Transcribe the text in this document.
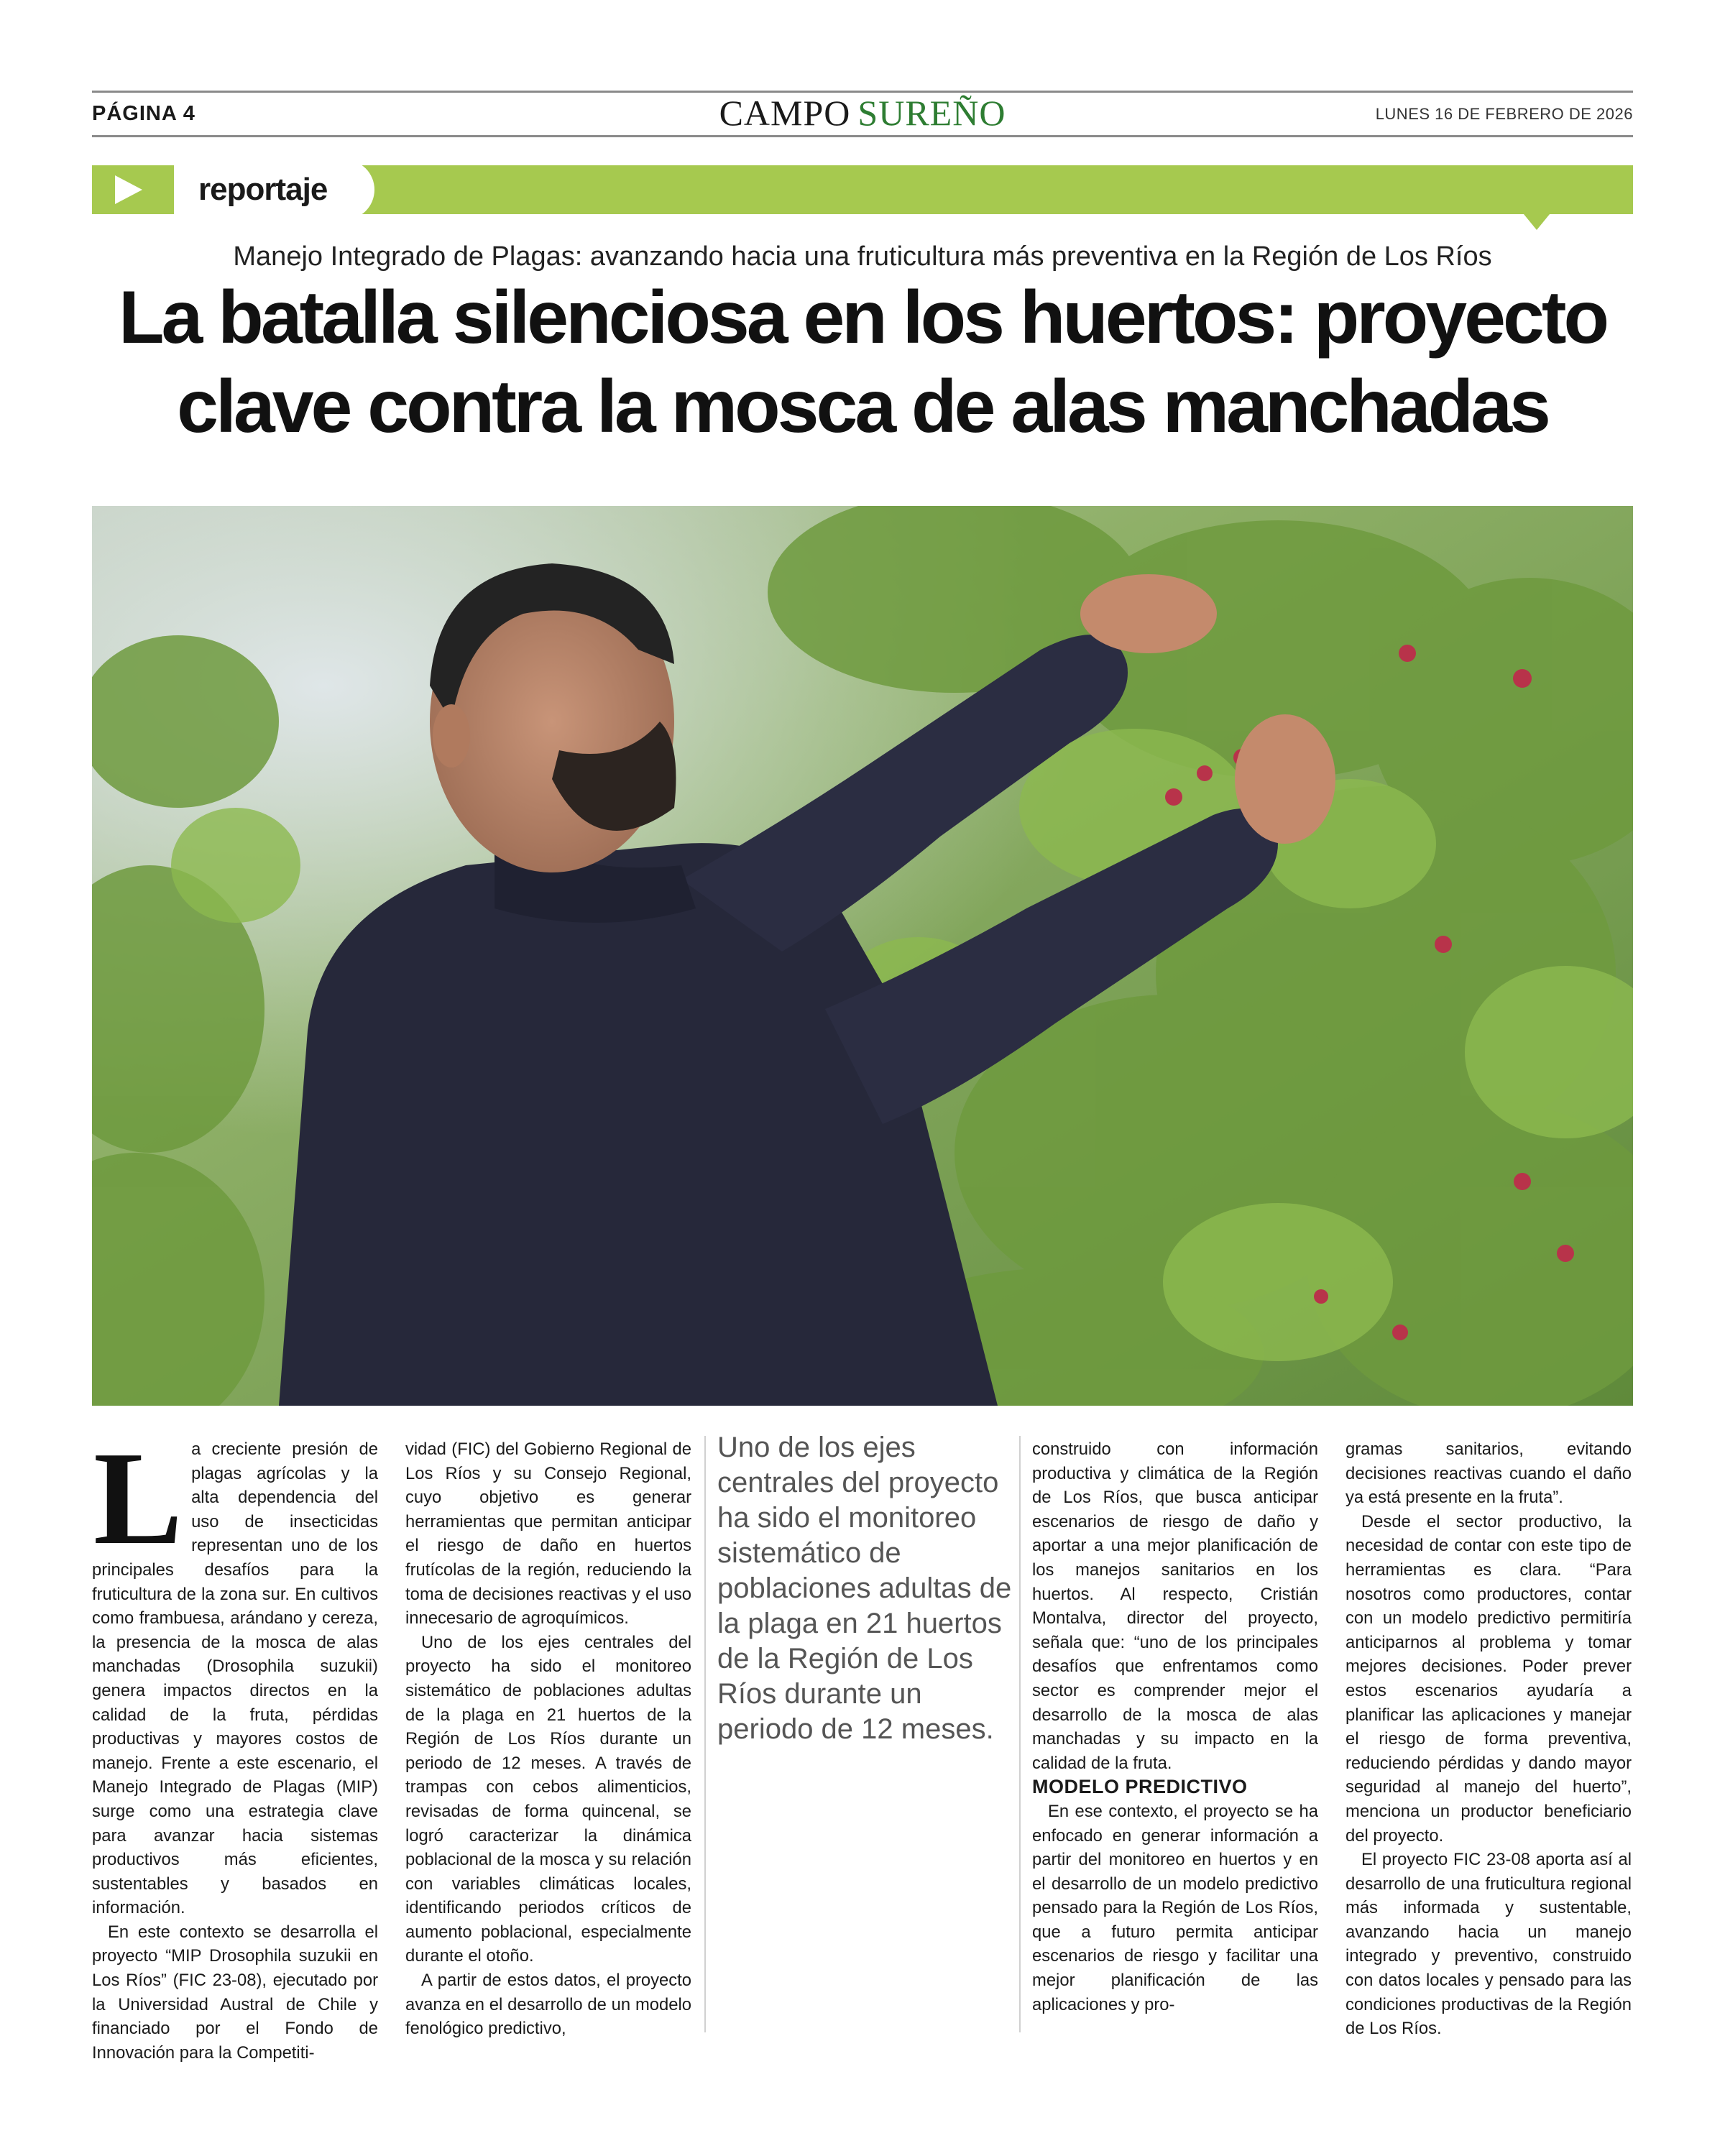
PÁGINA 4	CAMPO SUREÑO	LUNES 16 DE FEBRERO DE 2026
reportaje
Manejo Integrado de Plagas: avanzando hacia una fruticultura más preventiva en la Región de Los Ríos
La batalla silenciosa en los huertos: proyecto
clave contra la mosca de alas manchadas

La creciente presión de plagas agrícolas y la alta dependencia del uso de insecticidas representan uno de los principales desafíos para la fruticultura de la zona sur. En cultivos como frambuesa, arándano y cereza, la presencia de la mosca de alas manchadas (Drosophila suzukii) genera impactos directos en la calidad de la fruta, pérdidas productivas y mayores costos de manejo. Frente a este escenario, el Manejo Integrado de Plagas (MIP) surge como una estrategia clave para avanzar hacia sistemas productivos más eficientes, sustentables y basados en información.

En este contexto se desarrolla el proyecto “MIP Drosophila suzukii en Los Ríos” (FIC 23-08), ejecutado por la Universidad Austral de Chile y financiado por el Fondo de Innovación para la Competiti-

vidad (FIC) del Gobierno Regional de Los Ríos y su Consejo Regional, cuyo objetivo es generar herramientas que permitan anticipar el riesgo de daño en huertos frutícolas de la región, reduciendo la toma de decisiones reactivas y el uso innecesario de agroquímicos.

Uno de los ejes centrales del proyecto ha sido el monitoreo sistemático de poblaciones adultas de la plaga en 21 huertos de la Región de Los Ríos durante un periodo de 12 meses. A través de trampas con cebos alimenticios, revisadas de forma quincenal, se logró caracterizar la dinámica poblacional de la mosca y su relación con variables climáticas locales, identificando periodos críticos de aumento poblacional, especialmente durante el otoño.

A partir de estos datos, el proyecto avanza en el desarrollo de un modelo fenológico predictivo,

Uno de los ejes centrales del proyecto ha sido el monitoreo sistemático de poblaciones adultas de la plaga en 21 huertos de la Región de Los Ríos durante un periodo de 12 meses.

construido con información productiva y climática de la Región de Los Ríos, que busca anticipar escenarios de riesgo de daño y aportar a una mejor planificación de los manejos sanitarios en los huertos. Al respecto, Cristián Montalva, director del proyecto, señala que: “uno de los principales desafíos que enfrentamos como sector es comprender mejor el desarrollo de la mosca de alas manchadas y su impacto en la calidad de la fruta.

MODELO PREDICTIVO

En ese contexto, el proyecto se ha enfocado en generar información a partir del monitoreo en huertos y en el desarrollo de un modelo predictivo pensado para la Región de Los Ríos, que a futuro permita anticipar escenarios de riesgo y facilitar una mejor planificación de las aplicaciones y pro-

gramas sanitarios, evitando decisiones reactivas cuando el daño ya está presente en la fruta”.

Desde el sector productivo, la necesidad de contar con este tipo de herramientas es clara. “Para nosotros como productores, contar con un modelo predictivo permitiría anticiparnos al problema y tomar mejores decisiones. Poder prever estos escenarios ayudaría a planificar las aplicaciones y manejar el riesgo de forma preventiva, reduciendo pérdidas y dando mayor seguridad al manejo del huerto”, menciona un productor beneficiario del proyecto.

El proyecto FIC 23-08 aporta así al desarrollo de una fruticultura regional más informada y sustentable, avanzando hacia un manejo integrado y preventivo, construido con datos locales y pensado para las condiciones productivas de la Región de Los Ríos.
